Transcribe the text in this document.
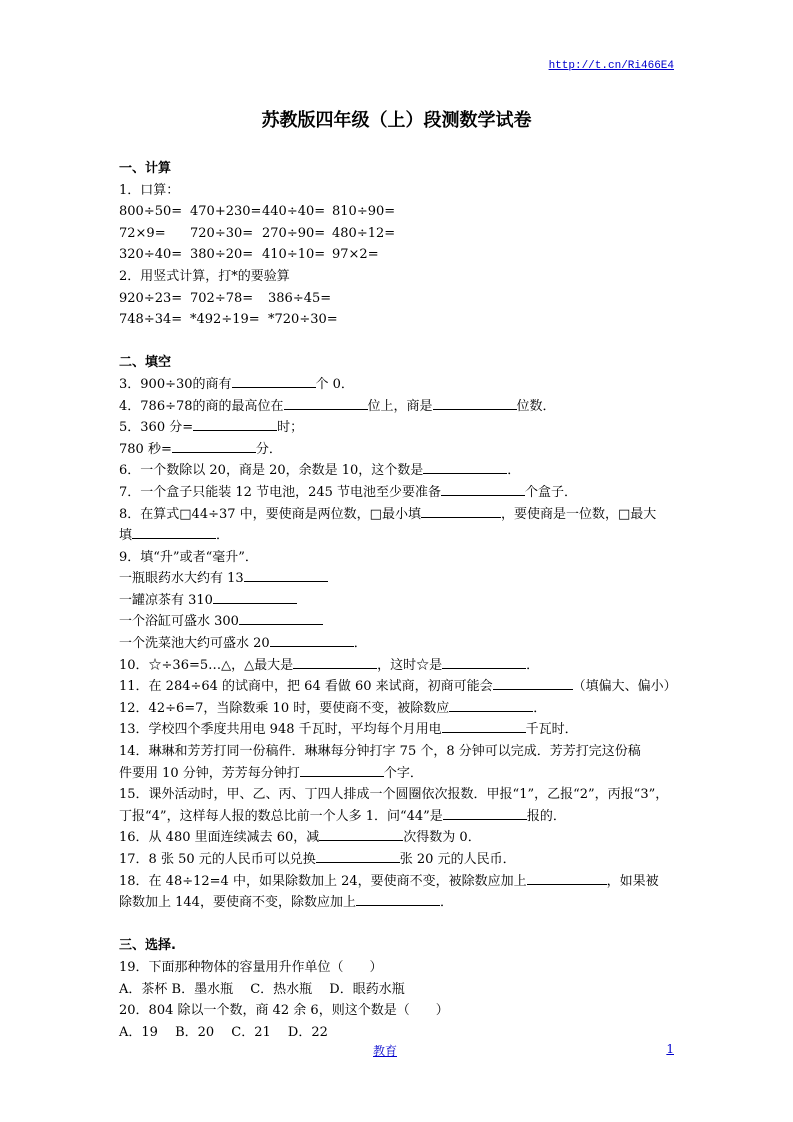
http://t.cn/Ri466E4
苏教版四年级（上）段测数学试卷
一、计算
1．口算：
800÷50= 470+230=440÷40= 810÷90=
72×9= 720÷30= 270÷90= 480÷12=
320÷40= 380÷20= 410÷10= 97×2=
2．用竖式计算，打*的要验算
920÷23= 702÷78= 386÷45=
748÷34= *492÷19= *720÷30=
二、填空
3．900÷30的商有	个 0．
4．786÷78的商的最高位在	位上，商是	位数．
5．360 分=	时；
780 秒=	分．
6．一个数除以 20，商是 20，余数是 10，这个数是	．
7．一个盒子只能装 12 节电池，245 节电池至少要准备	个盒子．
8．在算式□44÷37 中，要使商是两位数，□最小填	，要使商是一位数，□最大
填	．
9．填“升”或者“毫升”．
一瓶眼药水大约有 13
一罐凉茶有 310
一个浴缸可盛水 300
一个洗菜池大约可盛水 20	．
10．☆÷36=5…△，△最大是	，这时☆是	．
11．在 284÷64 的试商中，把 64 看做 60 来试商，初商可能会	（填偏大、偏小）
12．42÷6=7，当除数乘 10 时，要使商不变，被除数应	．
13．学校四个季度共用电 948 千瓦时，平均每个月用电	千瓦时．
14．琳琳和芳芳打同一份稿件．琳琳每分钟打字 75 个，8 分钟可以完成．芳芳打完这份稿
件要用 10 分钟，芳芳每分钟打	个字．
15．课外活动时，甲、乙、丙、丁四人排成一个圆圈依次报数．甲报“1”，乙报“2”，丙报“3”，
丁报“4”，这样每人报的数总比前一个人多 1．问“44”是	报的．
16．从 480 里面连续减去 60，减	次得数为 0．
17．8 张 50 元的人民币可以兑换	张 20 元的人民币．
18．在 48÷12=4 中，如果除数加上 24，要使商不变，被除数应加上	，如果被
除数加上 144，要使商不变，除数应加上	．
三、选择.
19．下面那种物体的容量用升作单位（　　）
A．茶杯 B．墨水瓶　 C．热水瓶　 D．眼药水瓶
20．804 除以一个数，商 42 余 6，则这个数是（　　）
A．19　 B．20　 C．21　 D．22
教育	1
